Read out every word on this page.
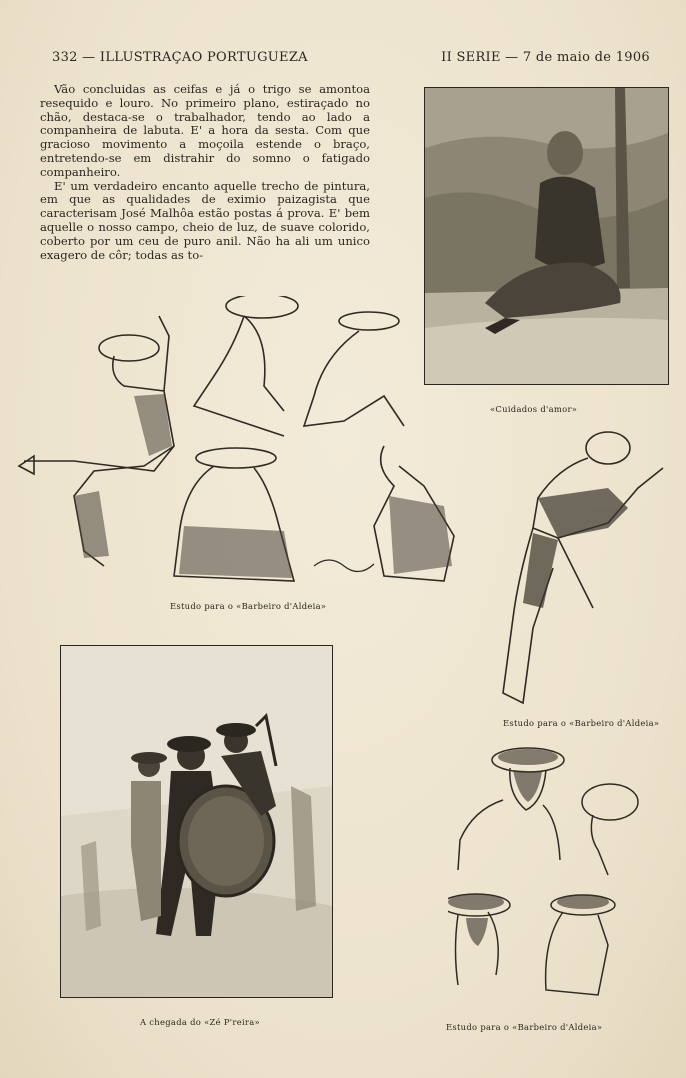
332 — ILLUSTRAÇAO PORTUGUEZA	II SERIE — 7 de maio de 1906

Vão concluidas as ceifas e já o trigo se amontoa resequido e louro. No primeiro plano, estiraçado no chão, destaca-se o trabalhador, tendo ao lado a companheira de labuta. E' a hora da sesta. Com que gracioso movimento a moçoila estende o braço, entretendo-se em distrahir do somno o fatigado companheiro.

E' um verdadeiro encanto aquelle trecho de pintura, em que as qualidades de eximio paizagista que caracterisam José Malhôa estão postas á prova. E' bem aquelle o nosso campo, cheio de luz, de suave colorido, coberto por um ceu de puro anil. Não ha ali um unico exagero de côr; todas as to-

«Cuidados d'amor»
Estudo para o «Barbeiro d'Aldeia»
Estudo para o «Barbeiro d'Aldeia»
A chegada do «Zé P'reira»	Estudo para o «Barbeiro d'Aldeia»
